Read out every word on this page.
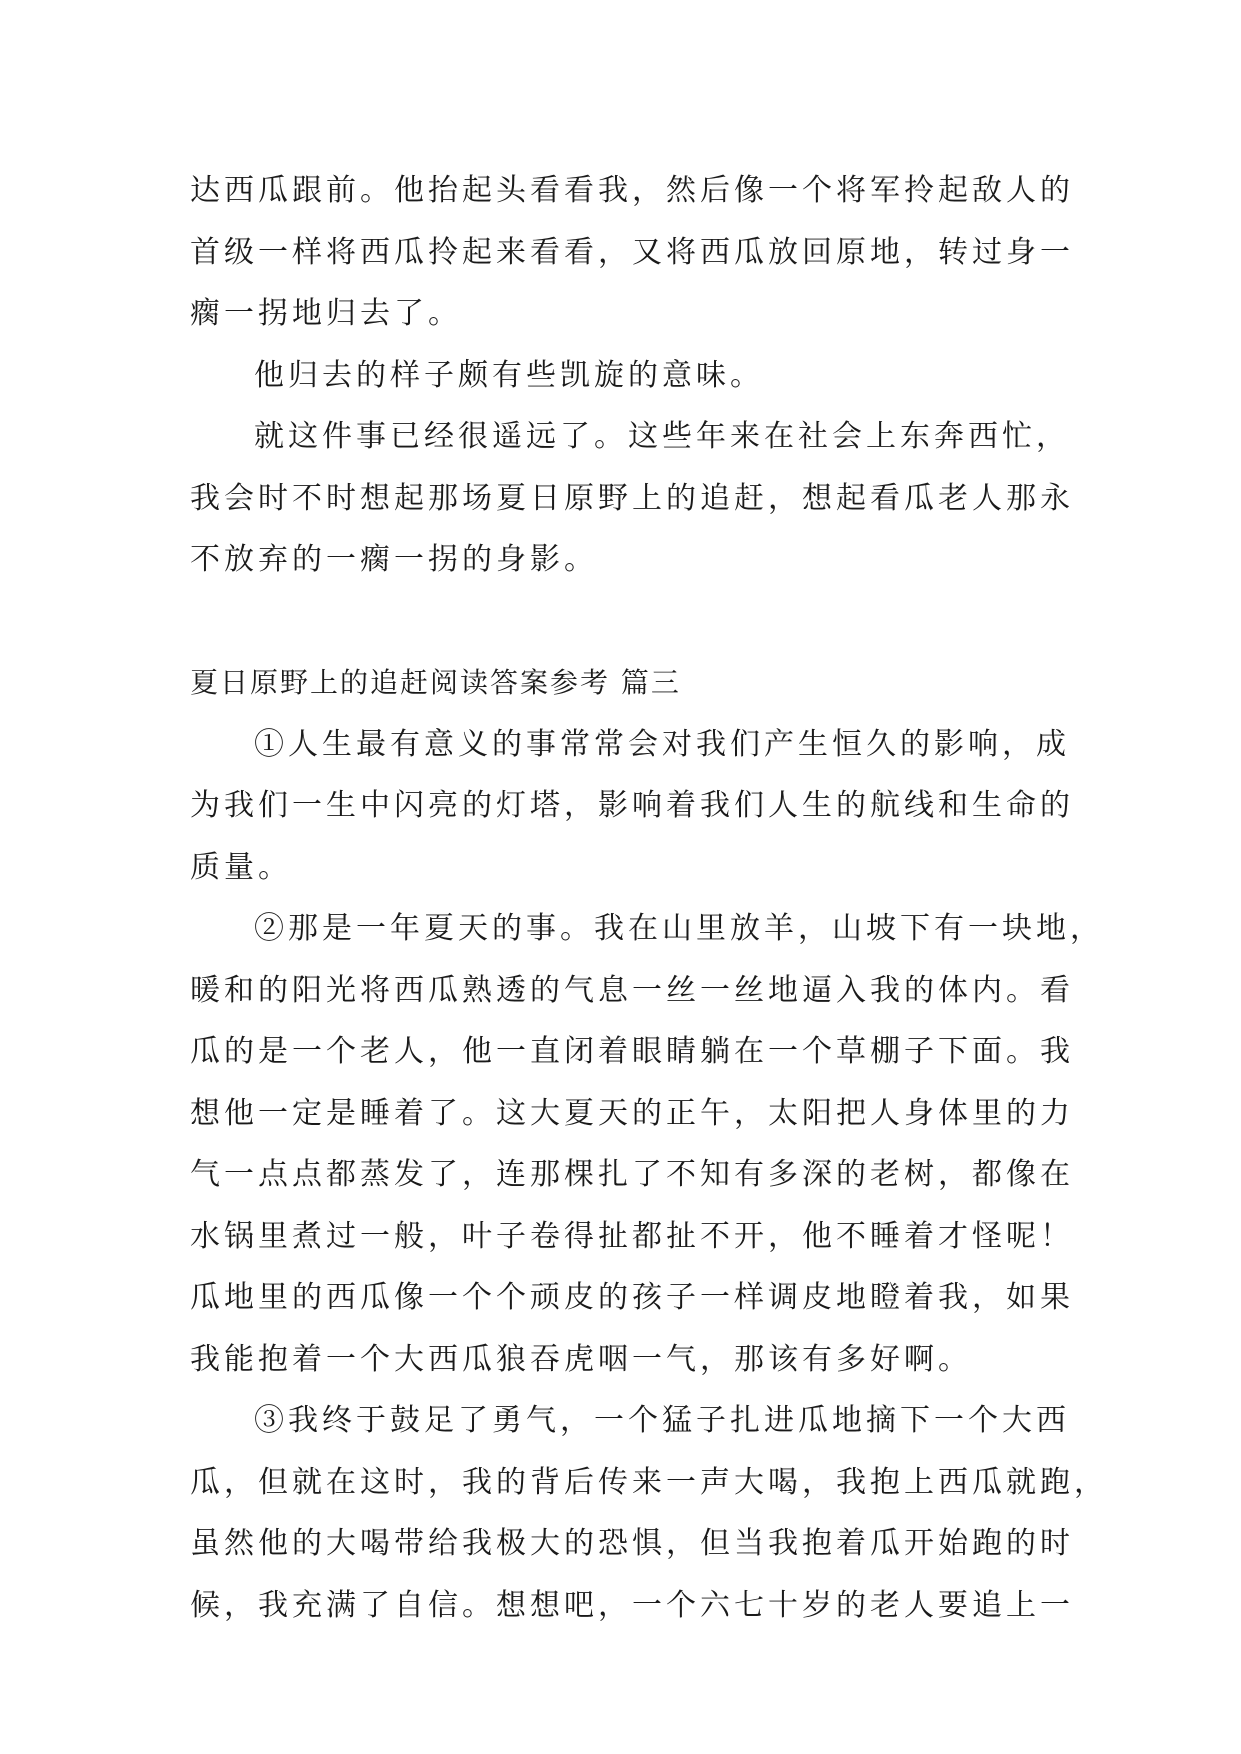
达西瓜跟前。他抬起头看看我，然后像一个将军拎起敌人的
首级一样将西瓜拎起来看看，又将西瓜放回原地，转过身一
瘸一拐地归去了。
他归去的样子颇有些凯旋的意味。
就这件事已经很遥远了。这些年来在社会上东奔西忙，
我会时不时想起那场夏日原野上的追赶，想起看瓜老人那永
不放弃的一瘸一拐的身影。
夏日原野上的追赶阅读答案参考 篇三
①人生最有意义的事常常会对我们产生恒久的影响，成
为我们一生中闪亮的灯塔，影响着我们人生的航线和生命的
质量。
②那是一年夏天的事。我在山里放羊，山坡下有一块地，
暖和的阳光将西瓜熟透的气息一丝一丝地逼入我的体内。看
瓜的是一个老人，他一直闭着眼睛躺在一个草棚子下面。我
想他一定是睡着了。这大夏天的正午，太阳把人身体里的力
气一点点都蒸发了，连那棵扎了不知有多深的老树，都像在
水锅里煮过一般，叶子卷得扯都扯不开，他不睡着才怪呢！
瓜地里的西瓜像一个个顽皮的孩子一样调皮地瞪着我，如果
我能抱着一个大西瓜狼吞虎咽一气，那该有多好啊。
③我终于鼓足了勇气，一个猛子扎进瓜地摘下一个大西
瓜，但就在这时，我的背后传来一声大喝，我抱上西瓜就跑，
虽然他的大喝带给我极大的恐惧，但当我抱着瓜开始跑的时
候，我充满了自信。想想吧，一个六七十岁的老人要追上一
